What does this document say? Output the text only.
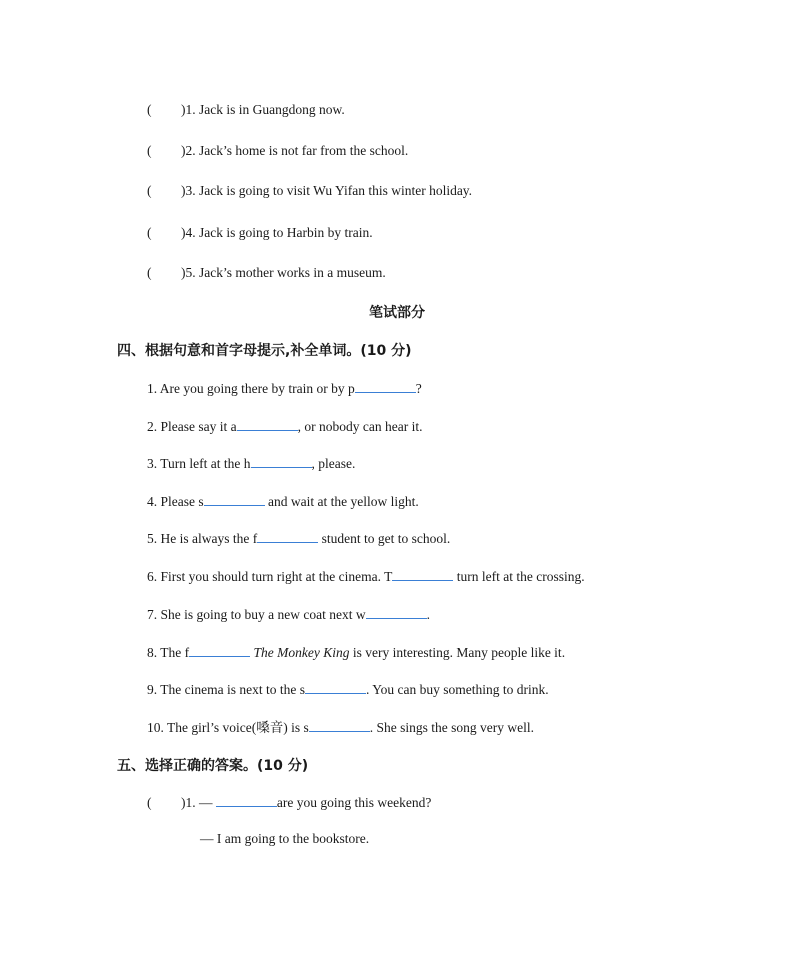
( )1. Jack is in Guangdong now.
( )2. Jack’s home is not far from the school.
( )3. Jack is going to visit Wu Yifan this winter holiday.
( )4. Jack is going to Harbin by train.
( )5. Jack’s mother works in a museum.
笔试部分
四、根据句意和首字母提示,补全单词。(10 分)
1. Are you going there by train or by p	?
2. Please say it a	, or nobody can hear it.
3. Turn left at the h	, please.
4. Please s	and wait at the yellow light.
5. He is always the f	student to get to school.
6. First you should turn right at the cinema. T	turn left at the crossing.
7. She is going to buy a new coat next w	.
8. The f	The Monkey King is very interesting. Many people like it.
9. The cinema is next to the s	. You can buy something to drink.
10. The girl’s voice(嗓音) is s	. She sings the song very well.
五、选择正确的答案。(10 分)
( )1. —	are you going this weekend?
— I am going to the bookstore.
